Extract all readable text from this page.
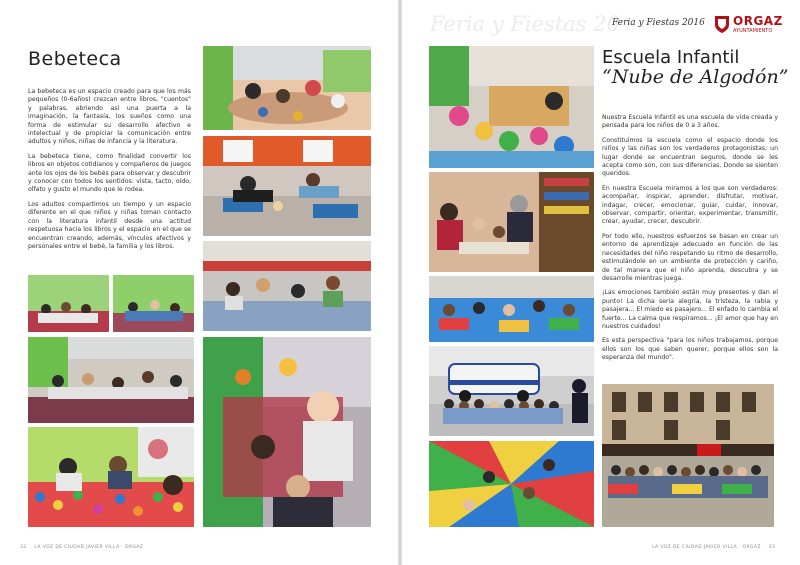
Bebeteca

La bebeteca es un espacio creado para que los más pequeños (0-6años) crezcan entre libros, "cuentos" y palabras, abriendo así una puerta a la imaginación, la fantasía, los sueños como una forma de estimular su desarrollo afectivo e intelectual y de propiciar la comunicación entre adultos y niños, niñas de infancia y la literatura.

La bebeteca tiene, como finalidad convertir los libros en objetos cotidianos y compañeros de juegos ante los ojos de los bebés para observar y descubrir y conocer con todos los sentidos: vista, tacto, oído, olfato y gusto el mundo que le rodea.

Los adultos compartimos un tiempo y un espacio diferente en el que niños y niñas toman contacto con la literatura infantil desde una actitud respetuosa hacia los libros y el espacio en el que se encuentran creando, además, vínculos afectivos y personales entre el bebé, la familia y los libros.

32 LA VOZ DE CIUDAD JAVIER VILLA · ORGAZ
Feria y Fiestas 20
Feria y Fiestas 2016 ORGAZ
AYUNTAMIENTO
Escuela Infantil
“Nube de Algodón”

Nuestra Escuela Infantil es una escuela de vida creada y pensada para los niños de 0 a 3 años.

Constituimos la escuela como el espacio donde los niños y las niñas son los verdaderos protagonistas; un lugar donde se encuentran seguros, donde se les acepta como son, con sus diferencias. Donde se sienten queridos.

En nuestra Escuela miramos a los que son verdaderos: acompañar, inspirar, aprender, disfrutar, motivar, indagar, crecer, emocionar, guiar, cuidar, innovar, observar, compartir, orientar, experimentar, transmitir, crear, ayudar, crecer, descubrir.

Por todo ello, nuestros esfuerzos se basan en crear un entorno de aprendizaje adecuado en función de las necesidades del niño respetando su ritmo de desarrollo, estimulándole en un ambiente de protección y cariño, de tal manera que el niño aprenda, descubra y se desarrolle mientras juega.

¡Las emociones también están muy presentes y dan el punto! La dicha sería alegría, la tristeza, la rabia y pasajera... El miedo es pasajero... El enfado lo cambia el fuerte... La calma que respiramos... ¡El amor que hay en nuestros cuidados!

Es esta perspectiva "para los niños trabajamos, porque ellos son los que saben querer, porque ellos son la esperanza del mundo".

LA VOZ DE CIUDAD JAVIER VILLA · ORGAZ 33
